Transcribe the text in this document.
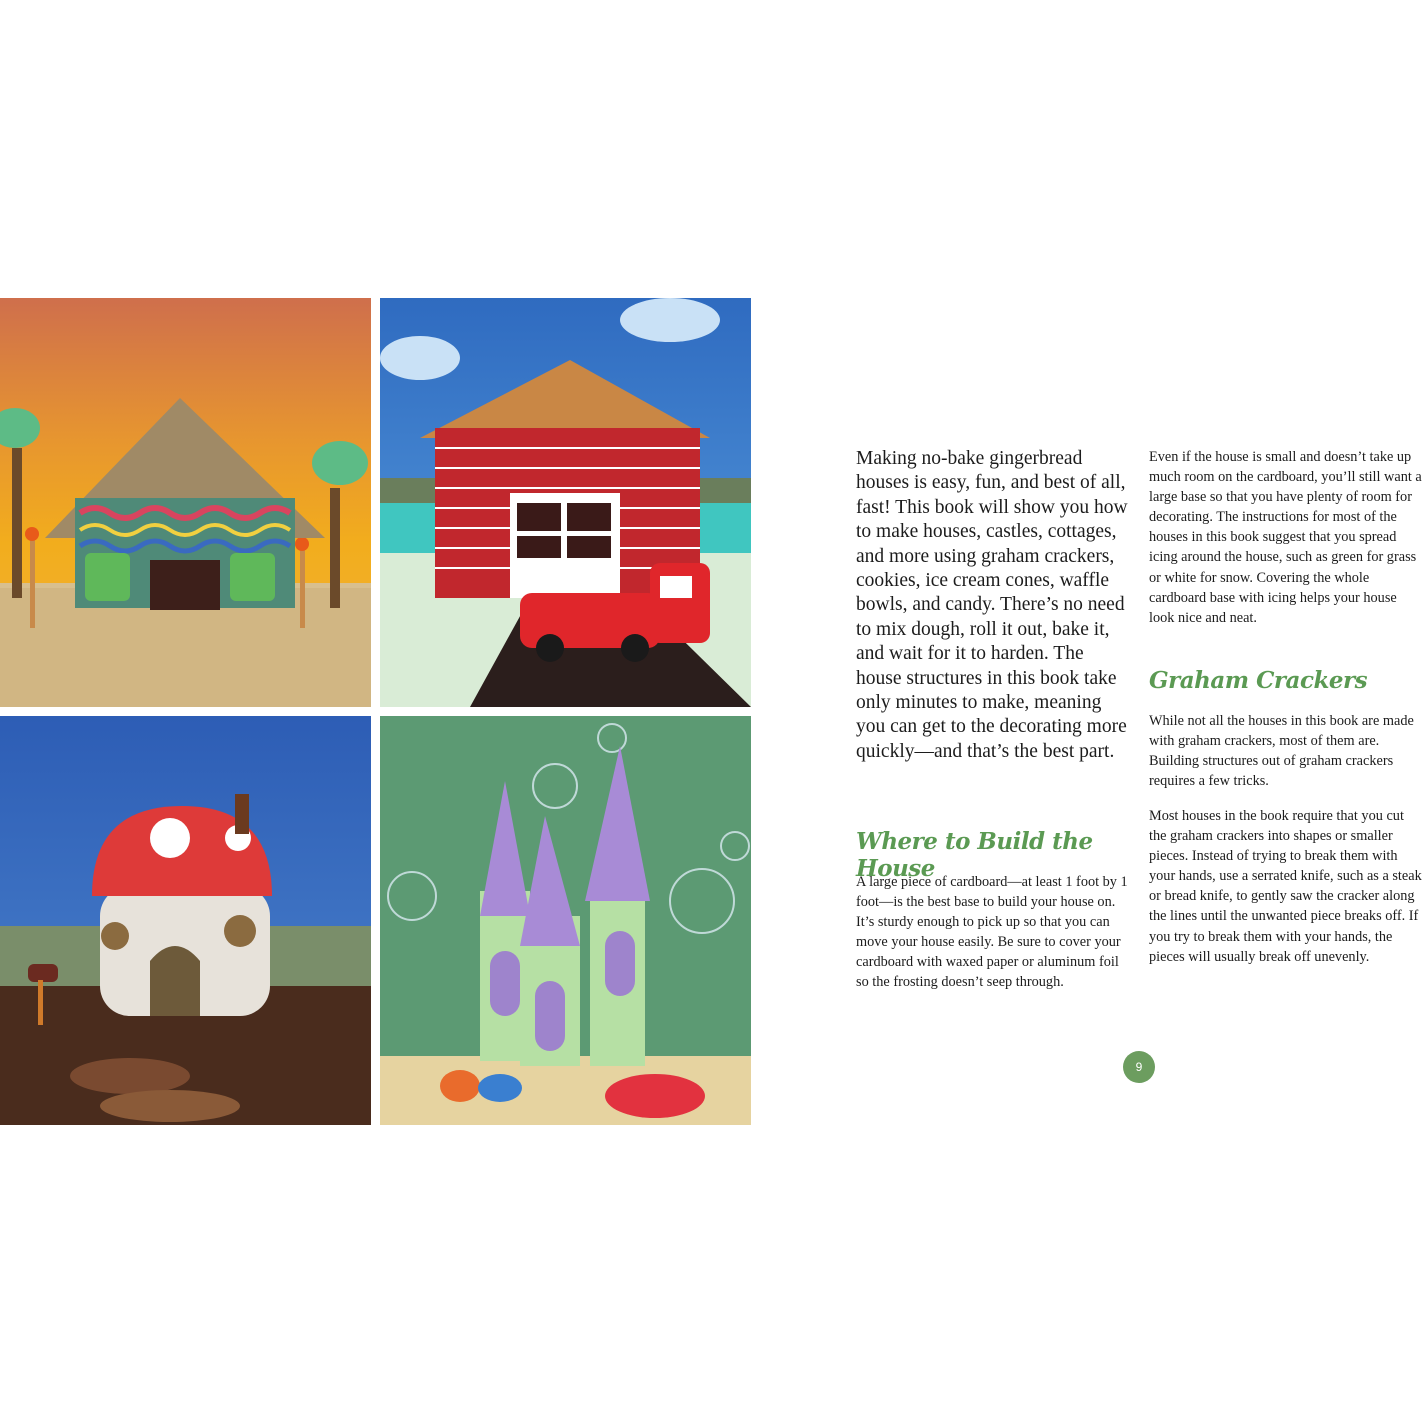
Making no-bake gingerbread houses is easy, fun, and best of all, fast! This book will show you how to make houses, castles, cottages, and more using graham crackers, cookies, ice cream cones, waffle bowls, and candy. There’s no need to mix dough, roll it out, bake it, and wait for it to harden. The house structures in this book take only minutes to make, meaning you can get to the decorating more quickly—and that’s the best part.

Where to Build the House

A large piece of cardboard—at least 1 foot by 1 foot—is the best base to build your house on. It’s sturdy enough to pick up so that you can move your house easily. Be sure to cover your cardboard with waxed paper or aluminum foil so the frosting doesn’t seep through.

Even if the house is small and doesn’t take up much room on the cardboard, you’ll still want a large base so that you have plenty of room for decorating. The instructions for most of the houses in this book suggest that you spread icing around the house, such as green for grass or white for snow. Covering the whole cardboard base with icing helps your house look nice and neat.

Graham Crackers

While not all the houses in this book are made with graham crackers, most of them are. Building structures out of graham crackers requires a few tricks.

Most houses in the book require that you cut the graham crackers into shapes or smaller pieces. Instead of trying to break them with your hands, use a serrated knife, such as a steak or bread knife, to gently saw the cracker along the lines until the unwanted piece breaks off. If you try to break them with your hands, the pieces will usually break off unevenly.

9
